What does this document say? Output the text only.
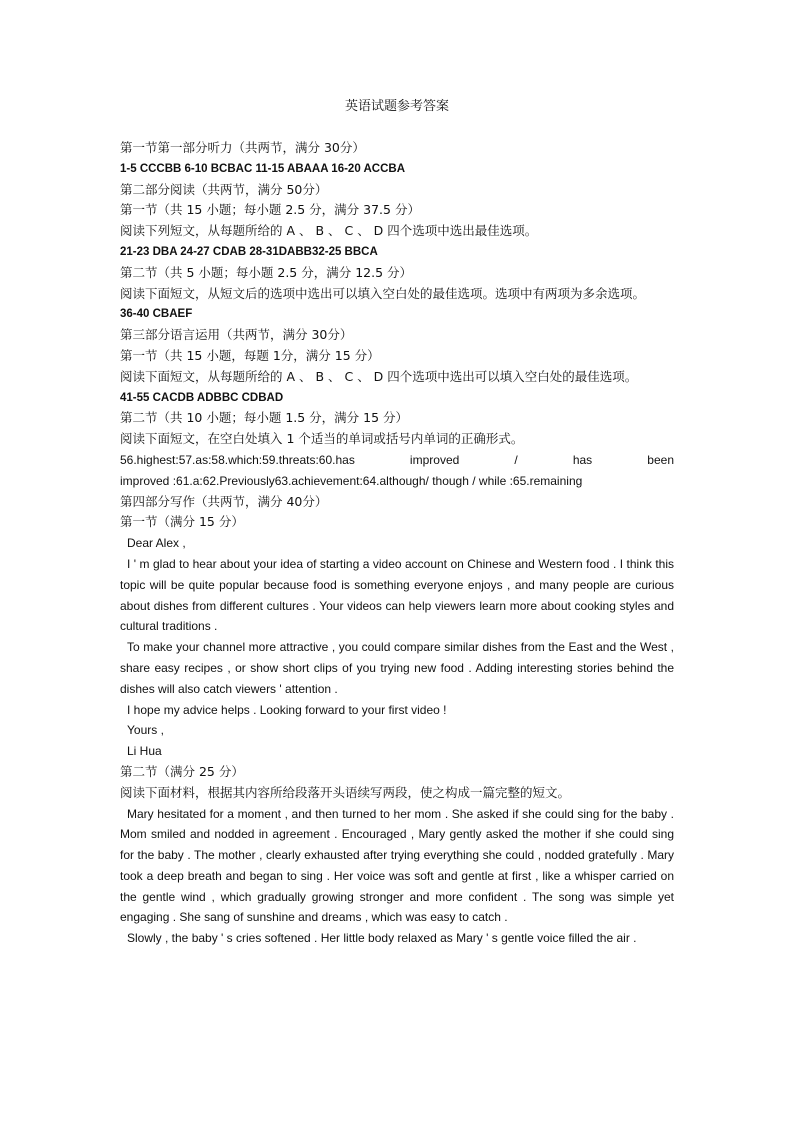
英语试题参考答案

第一节第一部分听力（共两节，满分 30分）

1-5 CCCBB 6-10 BCBAC 11-15 ABAAA 16-20 ACCBA

第二部分阅读（共两节，满分 50分）

第一节（共 15 小题；每小题 2.5 分，满分 37.5 分）

阅读下列短文，从每题所给的 A 、 B 、 C 、 D 四个选项中选出最佳选项。

21-23 DBA 24-27 CDAB 28-31DABB32-25 BBCA

第二节（共 5 小题；每小题 2.5 分，满分 12.5 分）

阅读下面短文，从短文后的选项中选出可以填入空白处的最佳选项。选项中有两项为多余选项。

36-40 CBAEF

第三部分语言运用（共两节，满分 30分）

第一节（共 15 小题，每题 1分，满分 15 分）

阅读下面短文，从每题所给的 A 、 B 、 C 、 D 四个选项中选出可以填入空白处的最佳选项。

41-55 CACDB ADBBC CDBAD

第二节（共 10 小题；每小题 1.5 分，满分 15 分）

阅读下面短文，在空白处填入 1 个适当的单词或括号内单词的正确形式。

56.highest:57.as:58.which:59.threats:60.has improved / has been

improved :61.a:62.Previously63.achievement:64.although/ though / while :65.remaining

第四部分写作（共两节，满分 40分）

第一节（满分 15 分）

Dear Alex ,

I ' m glad to hear about your idea of starting a video account on Chinese and Western food . I think this topic will be quite popular because food is something everyone enjoys , and many people are curious about dishes from different cultures . Your videos can help viewers learn more about cooking styles and cultural traditions .

To make your channel more attractive , you could compare similar dishes from the East and the West , share easy recipes , or show short clips of you trying new food . Adding interesting stories behind the dishes will also catch viewers ' attention .

I hope my advice helps . Looking forward to your first video !

Yours ,

Li Hua

第二节（满分 25 分）

阅读下面材料，根据其内容所给段落开头语续写两段，使之构成一篇完整的短文。

Mary hesitated for a moment , and then turned to her mom . She asked if she could sing for the baby . Mom smiled and nodded in agreement . Encouraged , Mary gently asked the mother if she could sing for the baby . The mother , clearly exhausted after trying everything she could , nodded gratefully . Mary took a deep breath and began to sing . Her voice was soft and gentle at first , like a whisper carried on the gentle wind , which gradually growing stronger and more confident . The song was simple yet engaging . She sang of sunshine and dreams , which was easy to catch .

Slowly , the baby ' s cries softened . Her little body relaxed as Mary ' s gentle voice filled the air .
